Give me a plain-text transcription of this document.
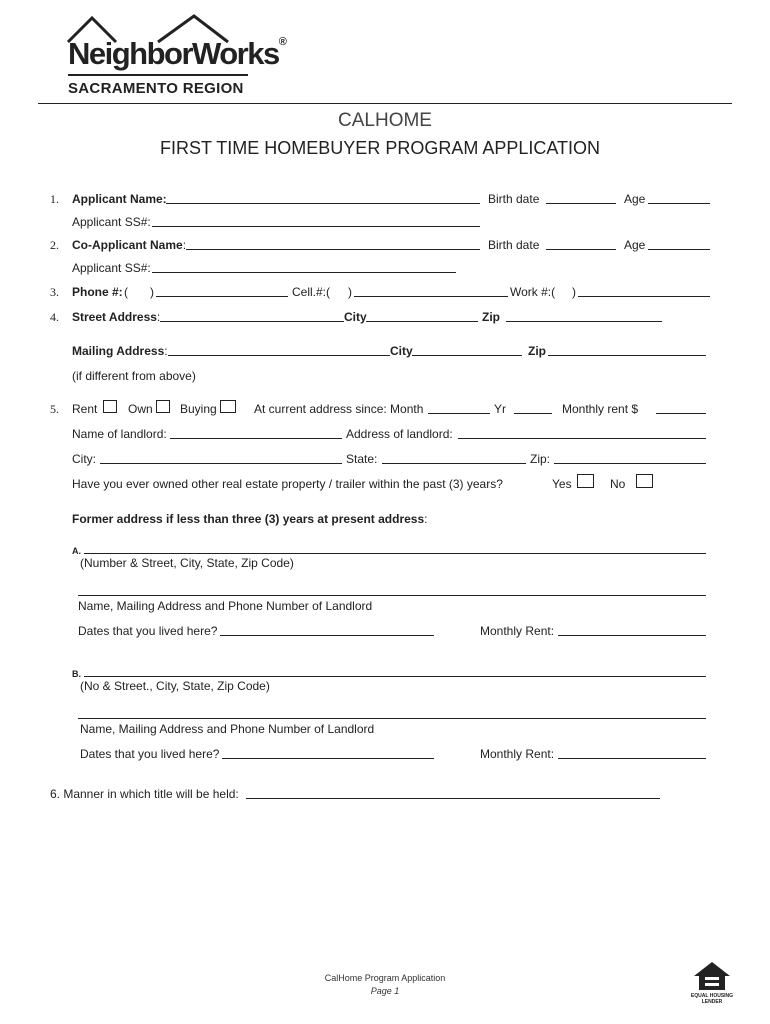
NeighborWorks®
SACRAMENTO REGION
CALHOME
FIRST TIME HOMEBUYER PROGRAM APPLICATION
1. Applicant Name:	Birth date	Age
Applicant SS#:
2. Co-Applicant Name:	Birth date	Age
Applicant SS#:
3. Phone #: ( )	Cell.#:( )	Work #:( )
4. Street Address:	City	Zip
Mailing Address:	City	Zip
(if different from above)
5. Rent	Own Buying	At current address since: Month	Yr	Monthly rent $
Name of landlord:	Address of landlord:
City:	State:	Zip:
Have you ever owned other real estate property / trailer within the past (3) years?	Yes	No
Former address if less than three (3) years at present address:
A.
(Number & Street, City, State, Zip Code)
Name, Mailing Address and Phone Number of Landlord
Dates that you lived here?	Monthly Rent:
B.
(No & Street., City, State, Zip Code)
Name, Mailing Address and Phone Number of Landlord
Dates that you lived here?	Monthly Rent:
6. Manner in which title will be held:
CalHome Program Application
Page 1	EQUAL HOUSING LENDER
